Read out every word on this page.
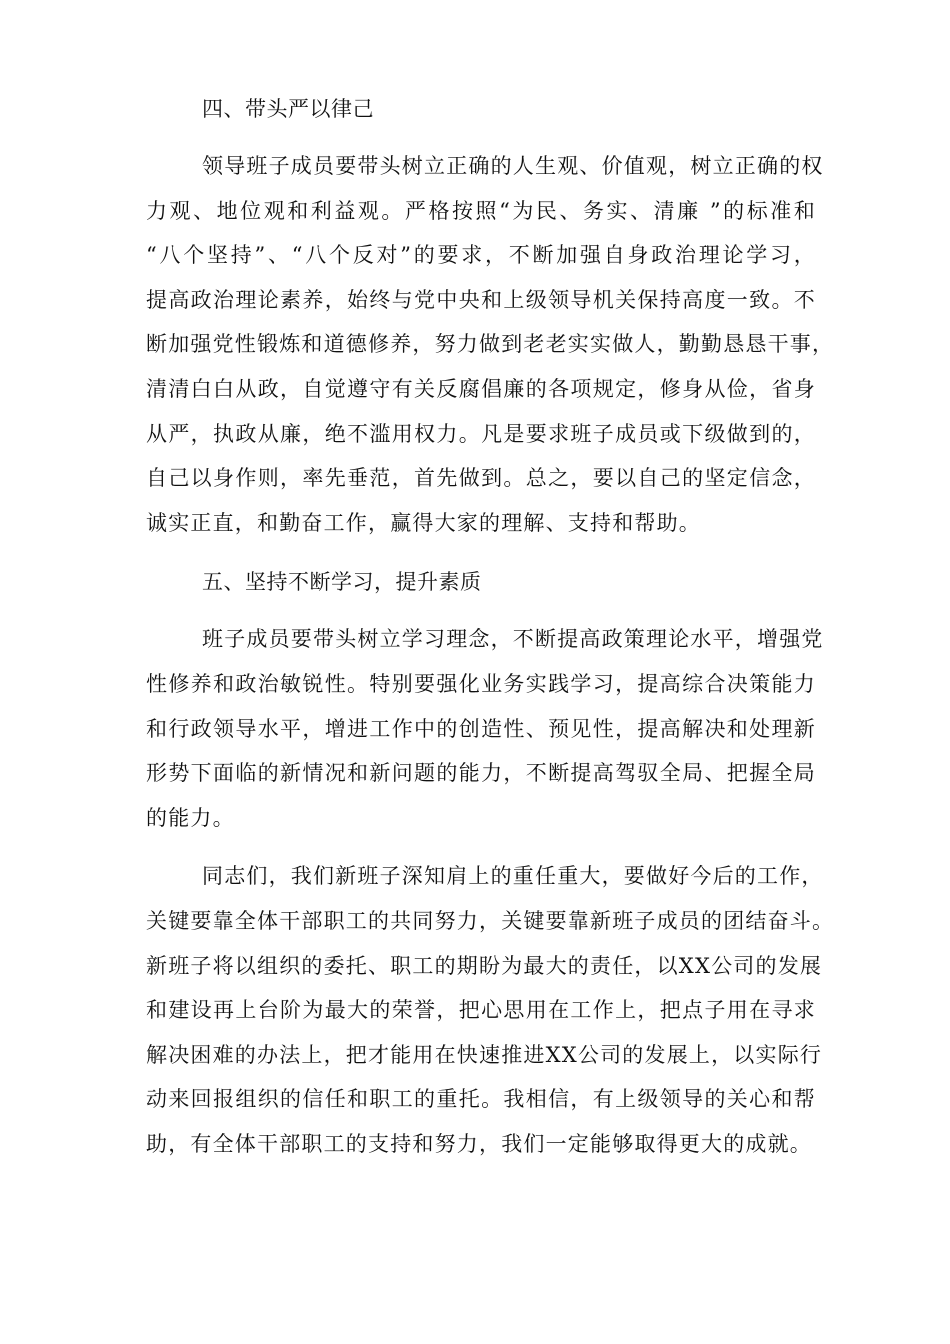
四、带头严以律己

领导班子成员要带头树立正确的人生观、价值观，树立正确的权
力观、地位观和利益观。严格按照“为民、务实、清廉 ”的标准和
“八个坚持”、“八个反对”的要求，不断加强自身政治理论学习，
提高政治理论素养，始终与党中央和上级领导机关保持高度一致。不
断加强党性锻炼和道德修养，努力做到老老实实做人，勤勤恳恳干事，
清清白白从政，自觉遵守有关反腐倡廉的各项规定，修身从俭，省身
从严，执政从廉，绝不滥用权力。凡是要求班子成员或下级做到的，
自己以身作则，率先垂范，首先做到。总之，要以自己的坚定信念，
诚实正直，和勤奋工作，赢得大家的理解、支持和帮助。

五、坚持不断学习，提升素质

班子成员要带头树立学习理念，不断提高政策理论水平，增强党
性修养和政治敏锐性。特别要强化业务实践学习，提高综合决策能力
和行政领导水平，增进工作中的创造性、预见性，提高解决和处理新
形势下面临的新情况和新问题的能力，不断提高驾驭全局、把握全局
的能力。
同志们，我们新班子深知肩上的重任重大，要做好今后的工作，
关键要靠全体干部职工的共同努力，关键要靠新班子成员的团结奋斗。
新班子将以组织的委托、职工的期盼为最大的责任，以XX公司的发展
和建设再上台阶为最大的荣誉，把心思用在工作上，把点子用在寻求
解决困难的办法上，把才能用在快速推进XX公司的发展上，以实际行
动来回报组织的信任和职工的重托。我相信，有上级领导的关心和帮
助，有全体干部职工的支持和努力，我们一定能够取得更大的成就。
